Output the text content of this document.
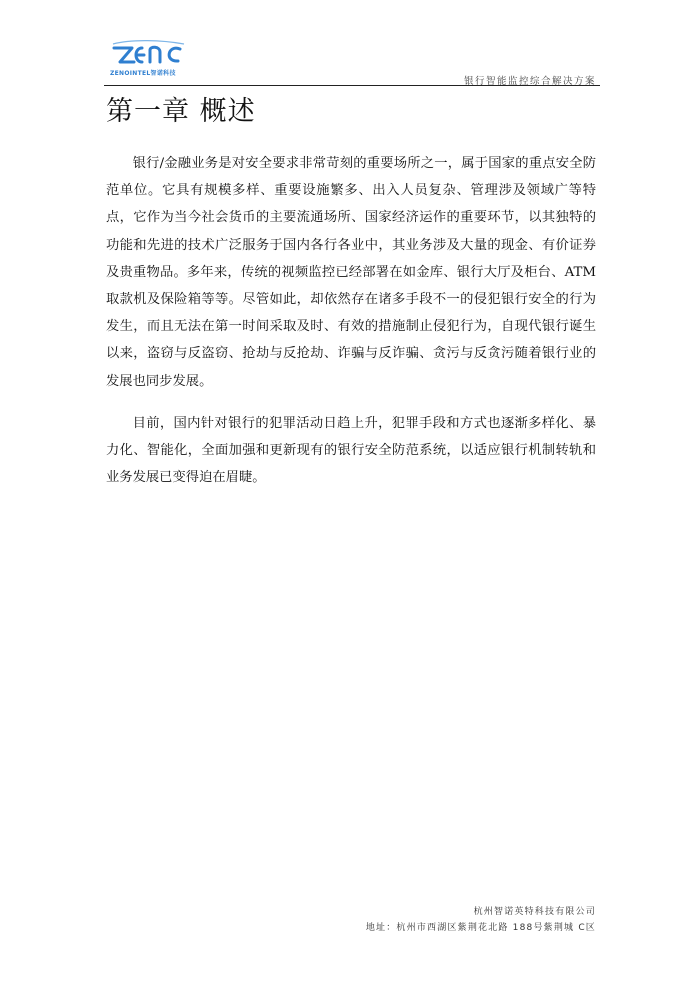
ZENOINTEL智诺科技
银行智能监控综合解决方案
第一章 概述

银行/金融业务是对安全要求非常苛刻的重要场所之一，属于国家的重点安全防范单位。它具有规模多样、重要设施繁多、出入人员复杂、管理涉及领域广等特点，它作为当今社会货币的主要流通场所、国家经济运作的重要环节，以其独特的功能和先进的技术广泛服务于国内各行各业中，其业务涉及大量的现金、有价证券及贵重物品。多年来，传统的视频监控已经部署在如金库、银行大厅及柜台、ATM取款机及保险箱等等。尽管如此，却依然存在诸多手段不一的侵犯银行安全的行为发生，而且无法在第一时间采取及时、有效的措施制止侵犯行为，自现代银行诞生以来，盗窃与反盗窃、抢劫与反抢劫、诈骗与反诈骗、贪污与反贪污随着银行业的发展也同步发展。

目前，国内针对银行的犯罪活动日趋上升，犯罪手段和方式也逐渐多样化、暴力化、智能化，全面加强和更新现有的银行安全防范系统，以适应银行机制转轨和业务发展已变得迫在眉睫。

杭州智诺英特科技有限公司
地址：杭州市西湖区紫荆花北路 188号紫荆城 C区
